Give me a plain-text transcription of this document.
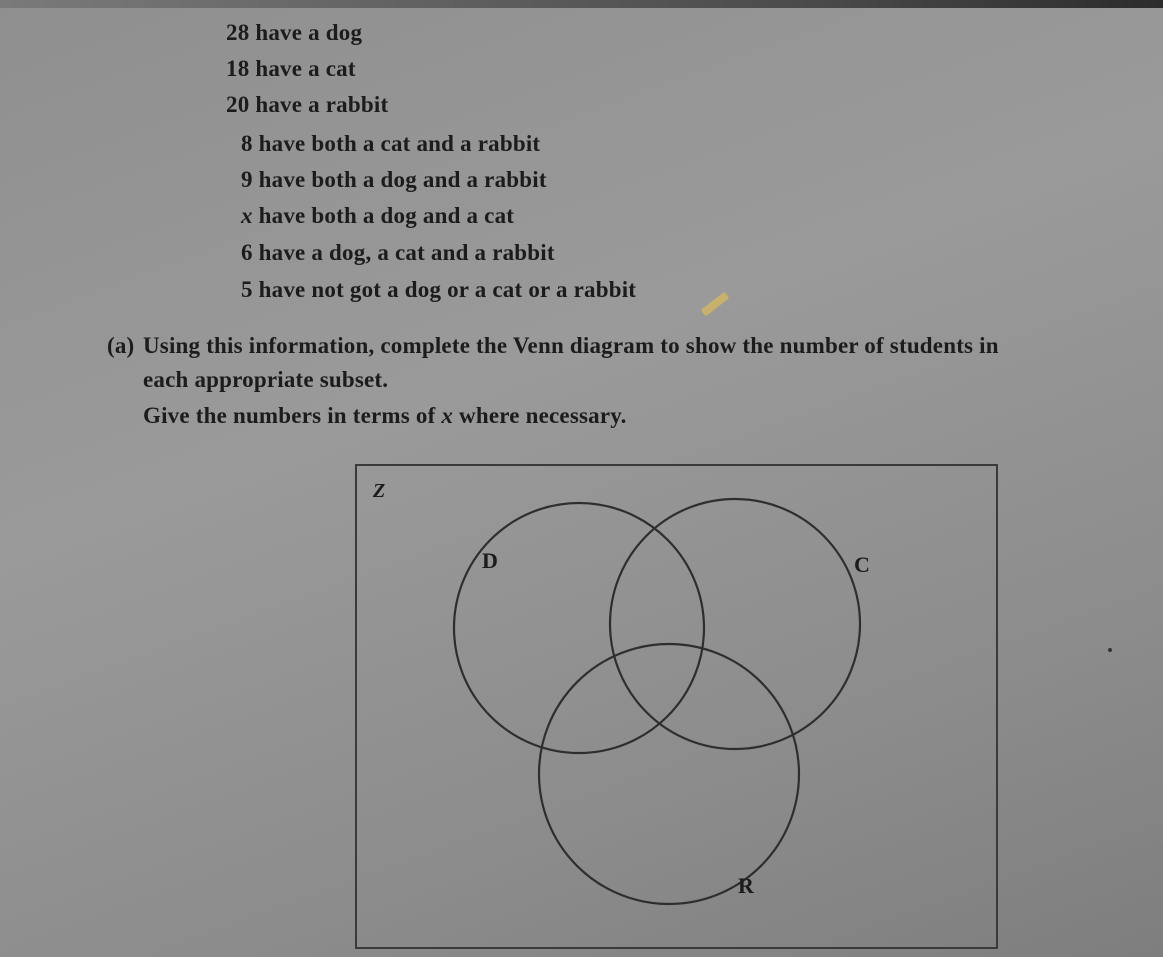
28 have a dog
18 have a cat
20 have a rabbit
8 have both a cat and a rabbit
9 have both a dog and a rabbit
x have both a dog and a cat
6 have a dog, a cat and a rabbit
5 have not got a dog or a cat or a rabbit
(a) Using this information, complete the Venn diagram to show the number of students in
each appropriate subset.
Give the numbers in terms of x where necessary.
Z
D	C
R
